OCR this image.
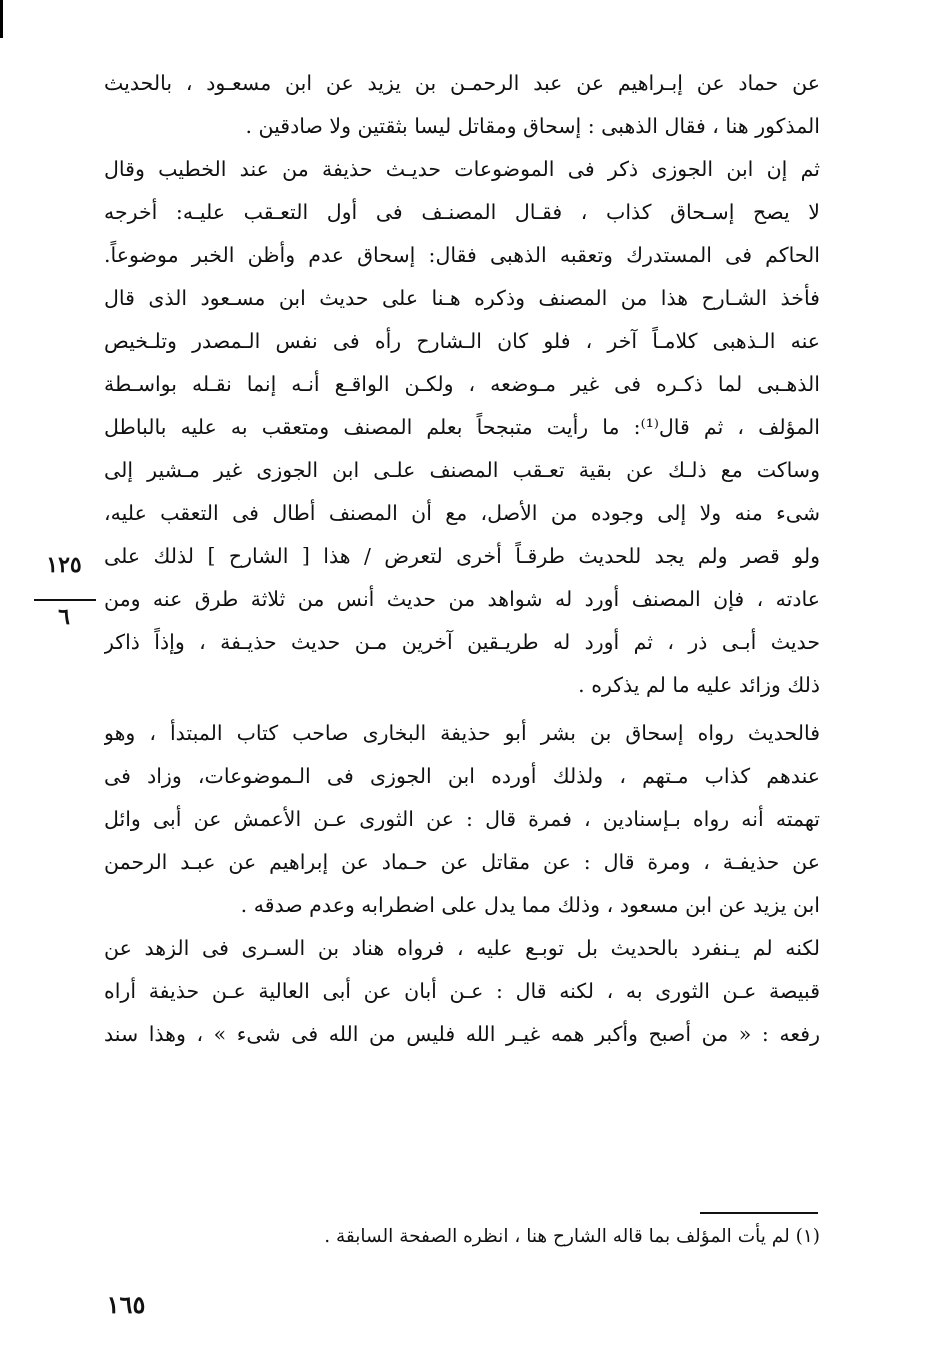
عن حماد عن إبـراهيم عن عبد الرحمـن بن يزيد عن ابن مسعـود ، بالحديث
المذكور هنا ، فقال الذهبى : إسحاق ومقاتل ليسا بثقتين ولا صادقين .
ثم إن ابن الجوزى ذكر فى الموضوعات حديـث حذيفة من عند الخطيب وقال
لا يصح إسـحاق كذاب ، فقـال المصنـف فى أول التعـقب عليـه: أخرجه
الحاكم فى المستدرك وتعقبه الذهبى فقال: إسحاق عدم وأظن الخبر موضوعاً.
فأخذ الشـارح هذا من المصنف وذكره هـنا على حديث ابن مسـعود الذى قال
عنه الـذهبى كلامـاً آخر ، فلو كان الـشارح رأه فى نفس الـمصدر وتلـخيص
الذهـبى لما ذكـره فى غير مـوضعه ، ولكـن الواقـع أنـه إنما نقـله بواسـطة
المؤلف ، ثم قال⁽¹⁾: ما رأيت متبجحاً بعلم المصنف ومتعقب به عليه بالباطل
وساكت مع ذلـك عن بقية تعـقب المصنف علـى ابن الجوزى غير مـشير إلى
شىء منه ولا إلى وجوده من الأصل، مع أن المصنف أطال فى التعقب عليه،
ولو قصر ولم يجد للحديث طرقـاً أخرى لتعرض / هذا [ الشارح ] لذلك على
عادته ، فإن المصنف أورد له شواهد من حديث أنس من ثلاثة طرق عنه ومن
حديث أبـى ذر ، ثم أورد له طريـقين آخرين مـن حديث حذيـفة ، وإذاً ذاكر
ذلك وزائد عليه ما لم يذكره .
فالحديث رواه إسحاق بن بشر أبو حذيفة البخارى صاحب كتاب المبتدأ ، وهو
عندهم كذاب مـتهم ، ولذلك أورده ابن الجوزى فى الـموضوعات، وزاد فى
تهمته أنه رواه بـإسنادين ، فمرة قال : عن الثورى عـن الأعمش عن أبى وائل
عن حذيفـة ، ومرة قال : عن مقاتل عن حـماد عن إبراهيم عن عبـد الرحمن
ابن يزيد عن ابن مسعود ، وذلك مما يدل على اضطرابه وعدم صدقه .
لكنه لم يـنفرد بالحديث بل توبـع عليه ، فرواه هناد بن السـرى فى الزهد عن
قبيصة عـن الثورى به ، لكنه قال : عـن أبان عن أبى العالية عـن حذيفة أراه
رفعه : « من أصبح وأكبر همه غيـر الله فليس من الله فى شىء » ، وهذا سند
١٢٥
٦
(١) لم يأت المؤلف بما قاله الشارح هنا ، انظره الصفحة السابقة .
١٦٥
